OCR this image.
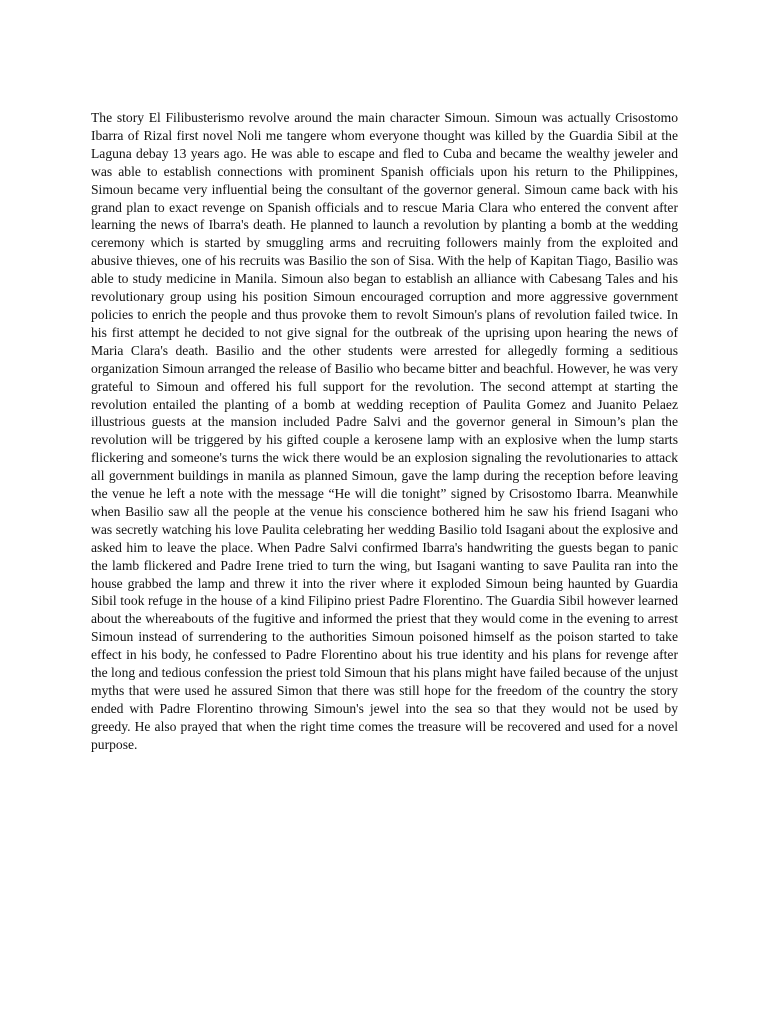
The story El Filibusterismo revolve around the main character Simoun. Simoun was actually Crisostomo Ibarra of Rizal first novel Noli me tangere whom everyone thought was killed by the Guardia Sibil at the Laguna debay 13 years ago. He was able to escape and fled to Cuba and became the wealthy jeweler and was able to establish connections with prominent Spanish officials upon his return to the Philippines, Simoun became very influential being the consultant of the governor general. Simoun came back with his grand plan to exact revenge on Spanish officials and to rescue Maria Clara who entered the convent after learning the news of Ibarra's death. He planned to launch a revolution by planting a bomb at the wedding ceremony which is started by smuggling arms and recruiting followers mainly from the exploited and abusive thieves, one of his recruits was Basilio the son of Sisa. With the help of Kapitan Tiago, Basilio was able to study medicine in Manila. Simoun also began to establish an alliance with Cabesang Tales and his revolutionary group using his position Simoun encouraged corruption and more aggressive government policies to enrich the people and thus provoke them to revolt Simoun's plans of revolution failed twice. In his first attempt he decided to not give signal for the outbreak of the uprising upon hearing the news of Maria Clara's death. Basilio and the other students were arrested for allegedly forming a seditious organization Simoun arranged the release of Basilio who became bitter and beachful. However, he was very grateful to Simoun and offered his full support for the revolution. The second attempt at starting the revolution entailed the planting of a bomb at wedding reception of Paulita Gomez and Juanito Pelaez illustrious guests at the mansion included Padre Salvi and the governor general in Simoun’s plan the revolution will be triggered by his gifted couple a kerosene lamp with an explosive when the lump starts flickering and someone's turns the wick there would be an explosion signaling the revolutionaries to attack all government buildings in manila as planned Simoun, gave the lamp during the reception before leaving the venue he left a note with the message “He will die tonight” signed by Crisostomo Ibarra. Meanwhile when Basilio saw all the people at the venue his conscience bothered him he saw his friend Isagani who was secretly watching his love Paulita celebrating her wedding Basilio told Isagani about the explosive and asked him to leave the place. When Padre Salvi confirmed Ibarra's handwriting the guests began to panic the lamb flickered and Padre Irene tried to turn the wing, but Isagani wanting to save Paulita ran into the house grabbed the lamp and threw it into the river where it exploded Simoun being haunted by Guardia Sibil took refuge in the house of a kind Filipino priest Padre Florentino. The Guardia Sibil however learned about the whereabouts of the fugitive and informed the priest that they would come in the evening to arrest Simoun instead of surrendering to the authorities Simoun poisoned himself as the poison started to take effect in his body, he confessed to Padre Florentino about his true identity and his plans for revenge after the long and tedious confession the priest told Simoun that his plans might have failed because of the unjust myths that were used he assured Simon that there was still hope for the freedom of the country the story ended with Padre Florentino throwing Simoun's jewel into the sea so that they would not be used by greedy. He also prayed that when the right time comes the treasure will be recovered and used for a novel purpose.
